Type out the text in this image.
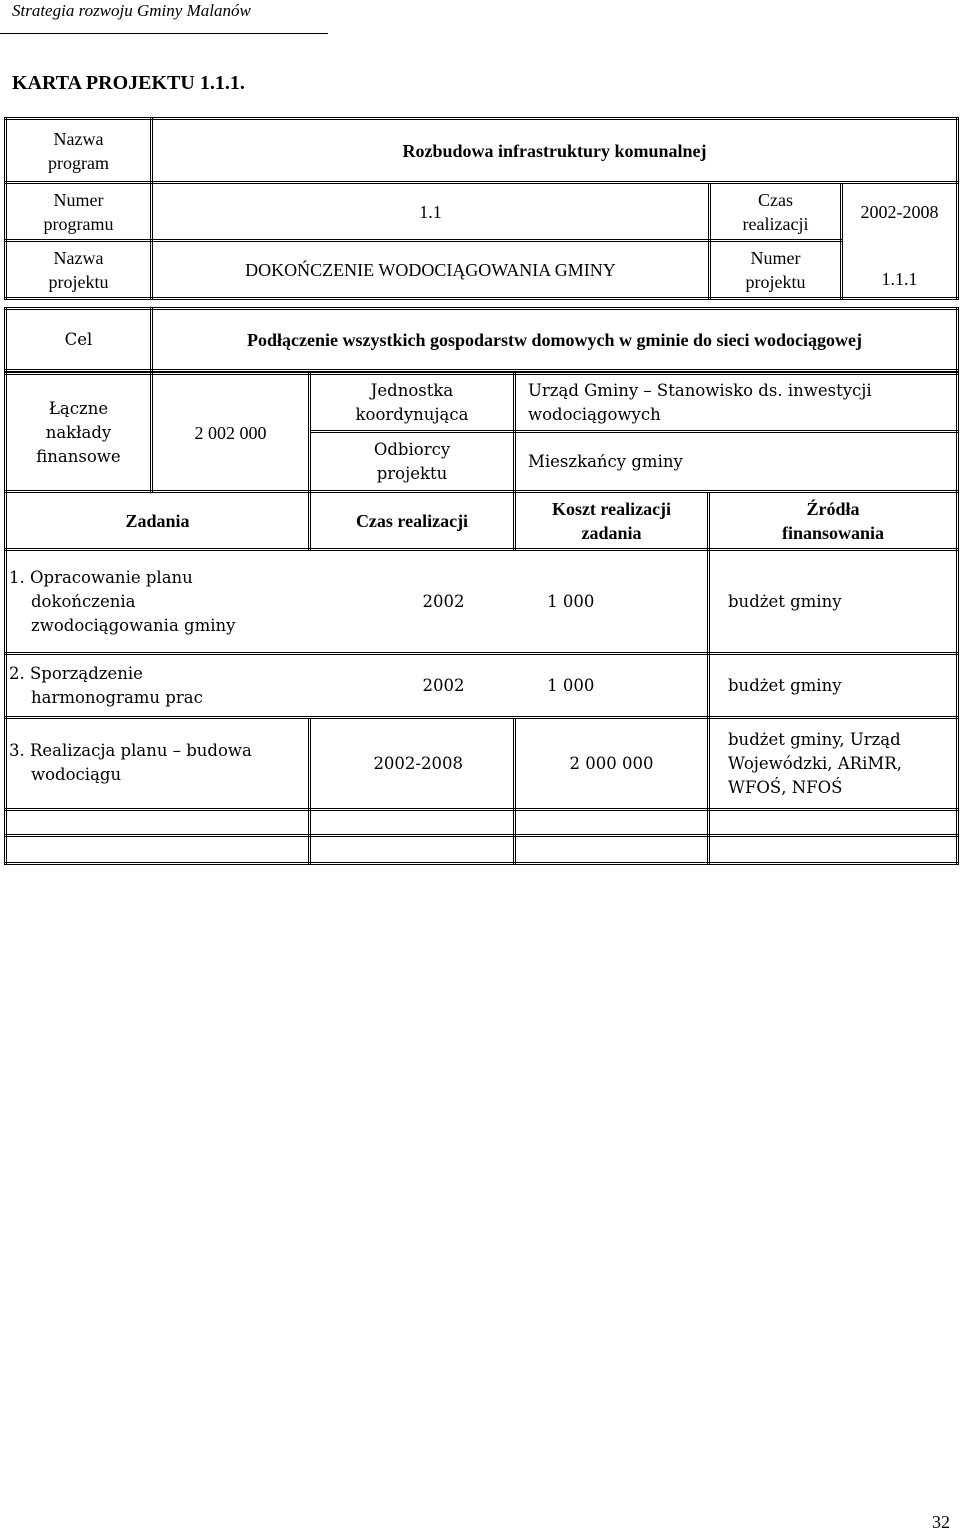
Strategia rozwoju Gminy Malanów
KARTA PROJEKTU 1.1.1.
Nazwa program	Rozbudowa infrastruktury komunalnej		
Numer programu	1.1	Czas realizacji	2002-2008
Nazwa projektu	DOKOŃCZENIE WODOCIĄGOWANIA GMINY	Numer projektu	1.1.1
Cel	Podłączenie wszystkich gospodarstw domowych w gminie do sieci wodociągowej
Łączne nakłady finansowe	2 002 000	Jednostka koordynująca	Urząd Gminy – Stanowisko ds. inwestycji wodociągowych	
		Odbiorcy projektu	Mieszkańcy gminy	
Zadania		Czas realizacji	Koszt realizacji zadania	Źródła finansowania
1. Opracowanie planu dokończenia zwodociągowania gminy		2002	1 000	budżet gminy
2. Sporządzenie harmonogramu prac		2002	1 000	budżet gminy
3. Realizacja planu – budowa wodociągu		2002-2008	2 000 000	budżet gminy, Urząd Wojewódzki, ARiMR, WFOŚ, NFOŚ

32
